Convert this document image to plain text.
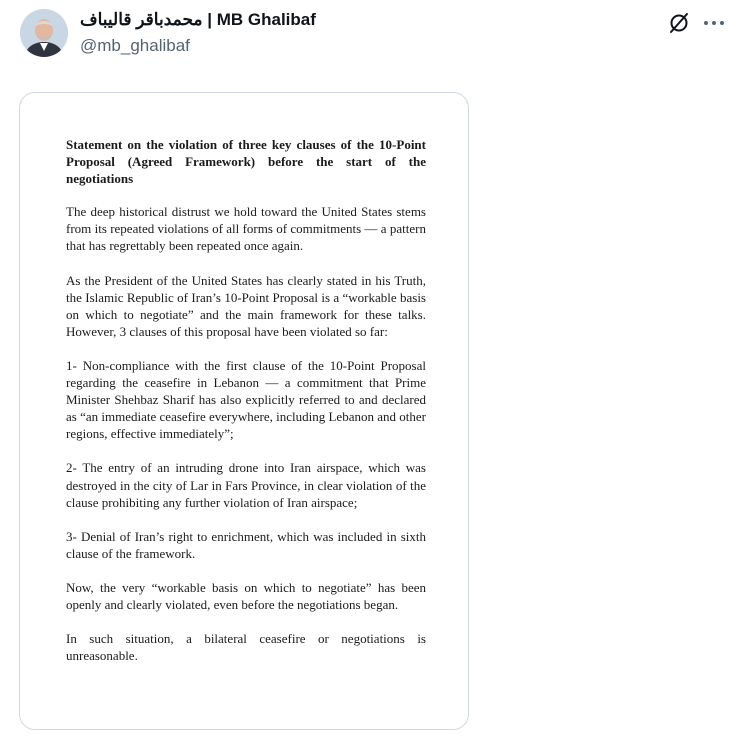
محمدباقر قالیباف | MB Ghalibaf
@mb_ghalibaf
Statement on the violation of three key clauses of the 10-Point Proposal (Agreed Framework) before the start of the negotiations

The deep historical distrust we hold toward the United States stems from its repeated violations of all forms of commitments — a pattern that has regrettably been repeated once again.

As the President of the United States has clearly stated in his Truth, the Islamic Republic of Iran’s 10-Point Proposal is a “workable basis on which to negotiate” and the main framework for these talks. However, 3 clauses of this proposal have been violated so far:

1- Non-compliance with the first clause of the 10-Point Proposal regarding the ceasefire in Lebanon — a commitment that Prime Minister Shehbaz Sharif has also explicitly referred to and declared as “an immediate ceasefire everywhere, including Lebanon and other regions, effective immediately”;

2- The entry of an intruding drone into Iran airspace, which was destroyed in the city of Lar in Fars Province, in clear violation of the clause prohibiting any further violation of Iran airspace;

3- Denial of Iran’s right to enrichment, which was included in sixth clause of the framework.

Now, the very “workable basis on which to negotiate” has been openly and clearly violated, even before the negotiations began.

In such situation, a bilateral ceasefire or negotiations is unreasonable.
